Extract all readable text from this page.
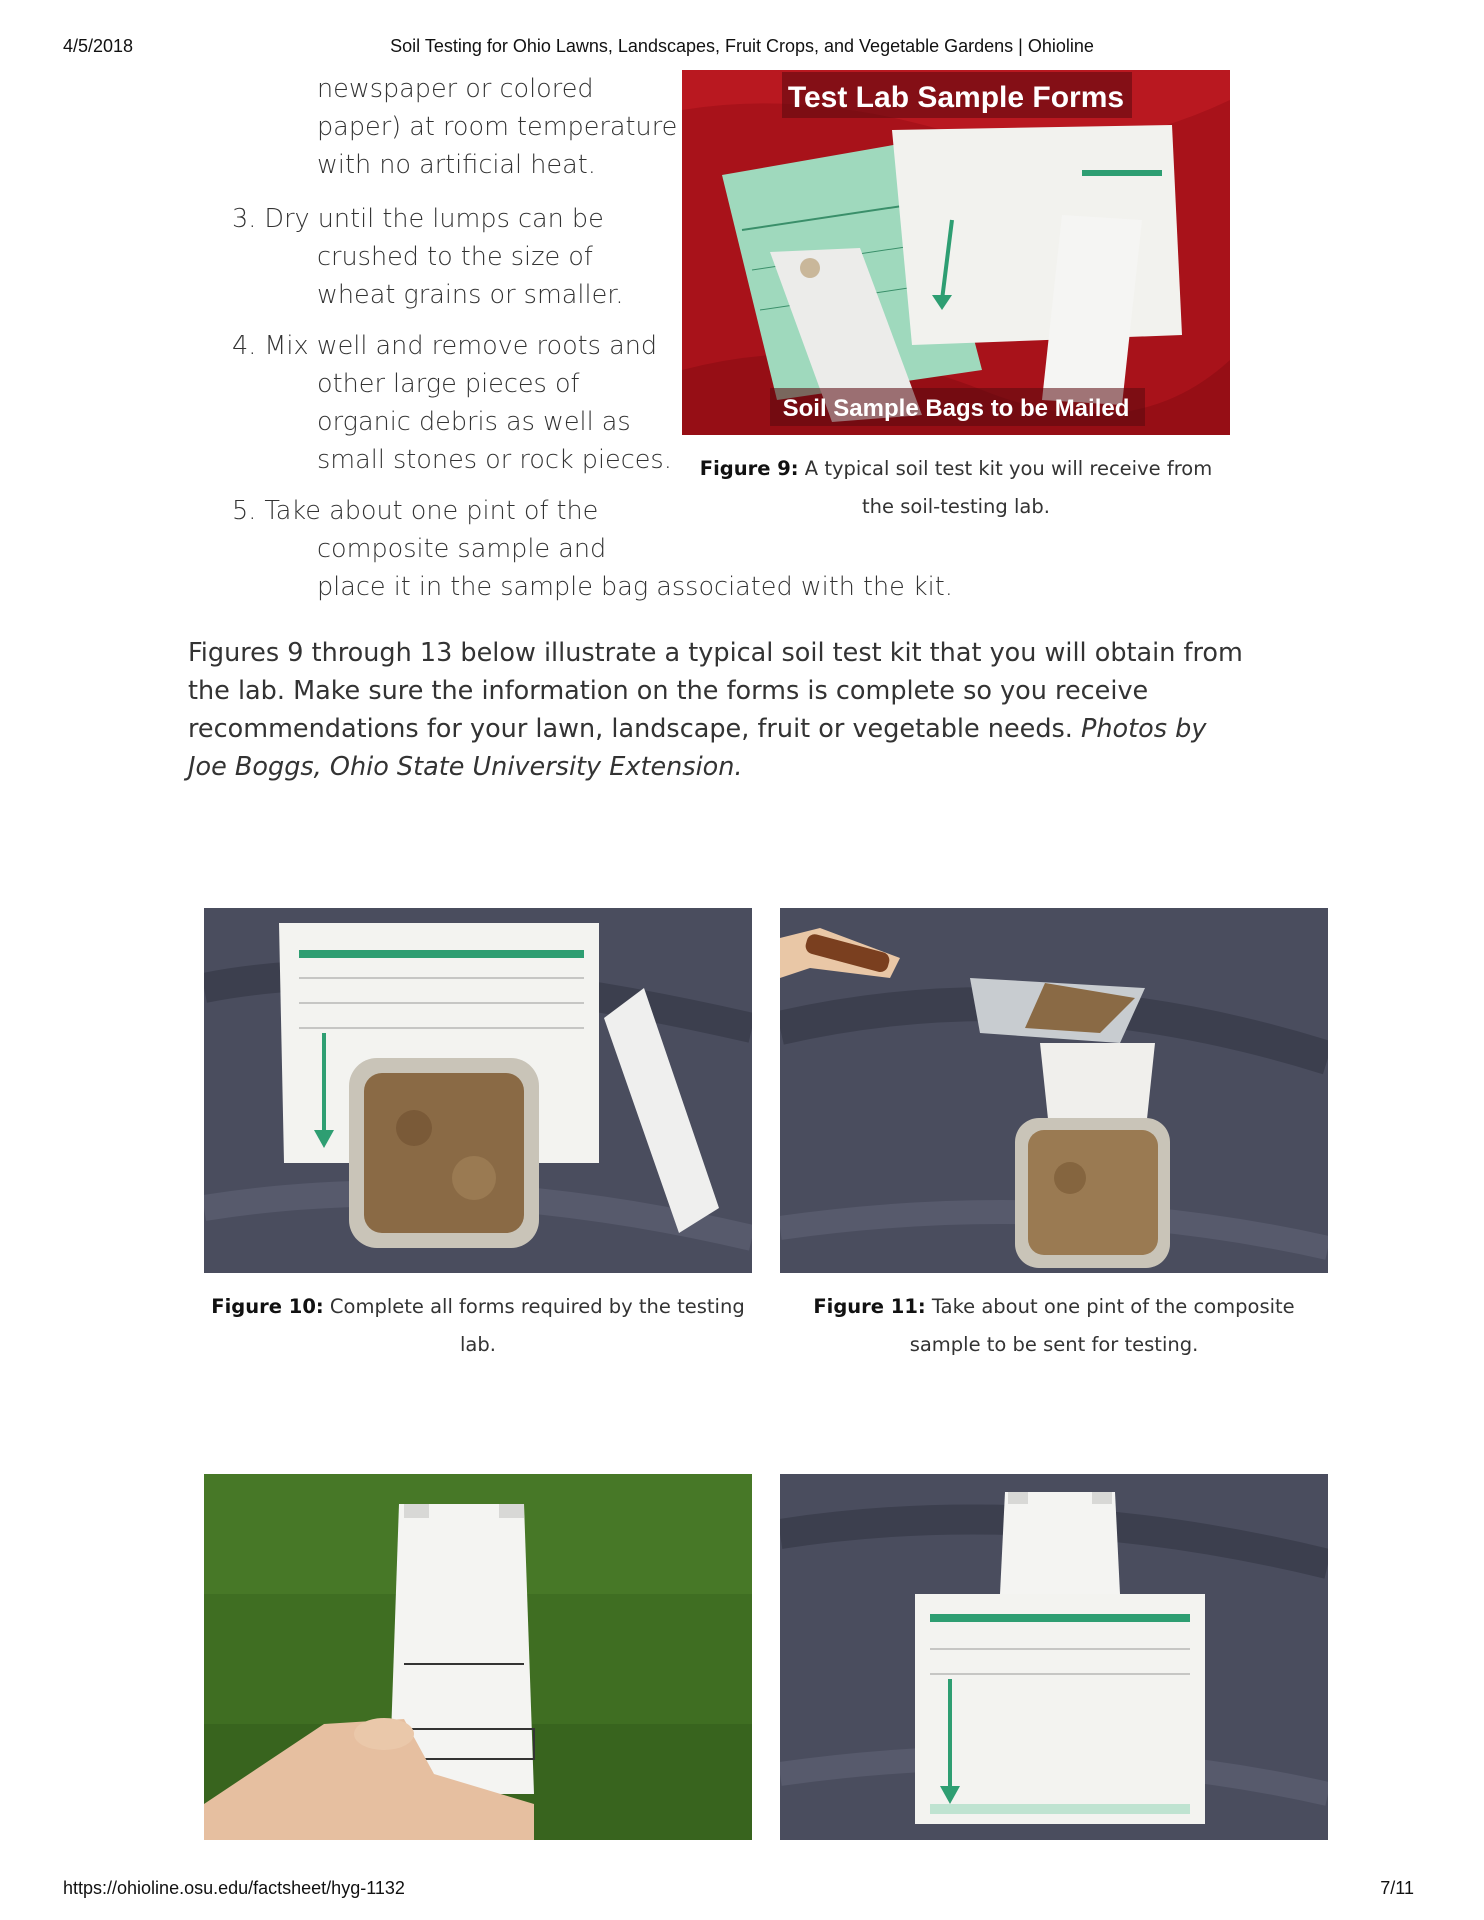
4/5/2018	Soil Testing for Ohio Lawns, Landscapes, Fruit Crops, and Vegetable Gardens | Ohioline
newspaper or colored
paper) at room temperature
with no artificial heat.
3. Dry until the lumps can be
crushed to the size of
wheat grains or smaller.
4. Mix well and remove roots and
other large pieces of
organic debris as well as
small stones or rock pieces.
5. Take about one pint of the
composite sample and
place it in the sample bag associated with the kit.
Test Lab Sample Forms
Soil Sample Bags to be Mailed
Figure 9: A typical soil test kit you will receive from the soil-testing lab.
Figures 9 through 13 below illustrate a typical soil test kit that you will obtain from the lab. Make sure the information on the forms is complete so you receive recommendations for your lawn, landscape, fruit or vegetable needs. Photos by Joe Boggs, Ohio State University Extension.
Figure 10: Complete all forms required by the testing lab.
Figure 11: Take about one pint of the composite sample to be sent for testing.
https://ohioline.osu.edu/factsheet/hyg-1132	7/11
